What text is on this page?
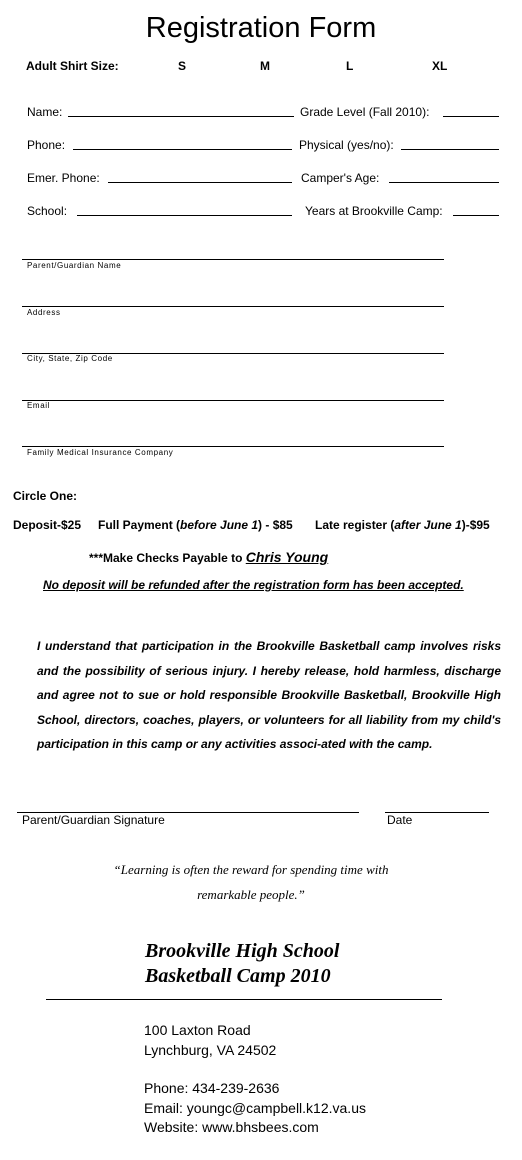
Registration Form
Adult Shirt Size:	S	M	L	XL
Name:	Grade Level (Fall 2010):
Phone:	Physical (yes/no):
Emer. Phone:	Camper's Age:
School:	Years at Brookville Camp:
Parent/Guardian Name
Address
City, State, Zip Code
Email
Family Medical Insurance Company
Circle One:
Deposit-$25 Full Payment (before June 1) - $85 Late register (after June 1)-$95
***Make Checks Payable to Chris Young
No deposit will be refunded after the registration form has been accepted.
I understand that participation in the Brookville Basketball camp involves risks and the possibility of serious injury. I hereby release, hold harmless, discharge and agree not to sue or hold responsible Brookville Basketball, Brookville High School, directors, coaches, players, or volunteers for all liability from my child's participation in this camp or any activities associ-ated with the camp.
Parent/Guardian Signature	Date
“Learning is often the reward for spending time with
remarkable people.”
Brookville High School
Basketball Camp 2010
100 Laxton Road
Lynchburg, VA 24502
Phone: 434-239-2636
Email: youngc@campbell.k12.va.us
Website: www.bhsbees.com
